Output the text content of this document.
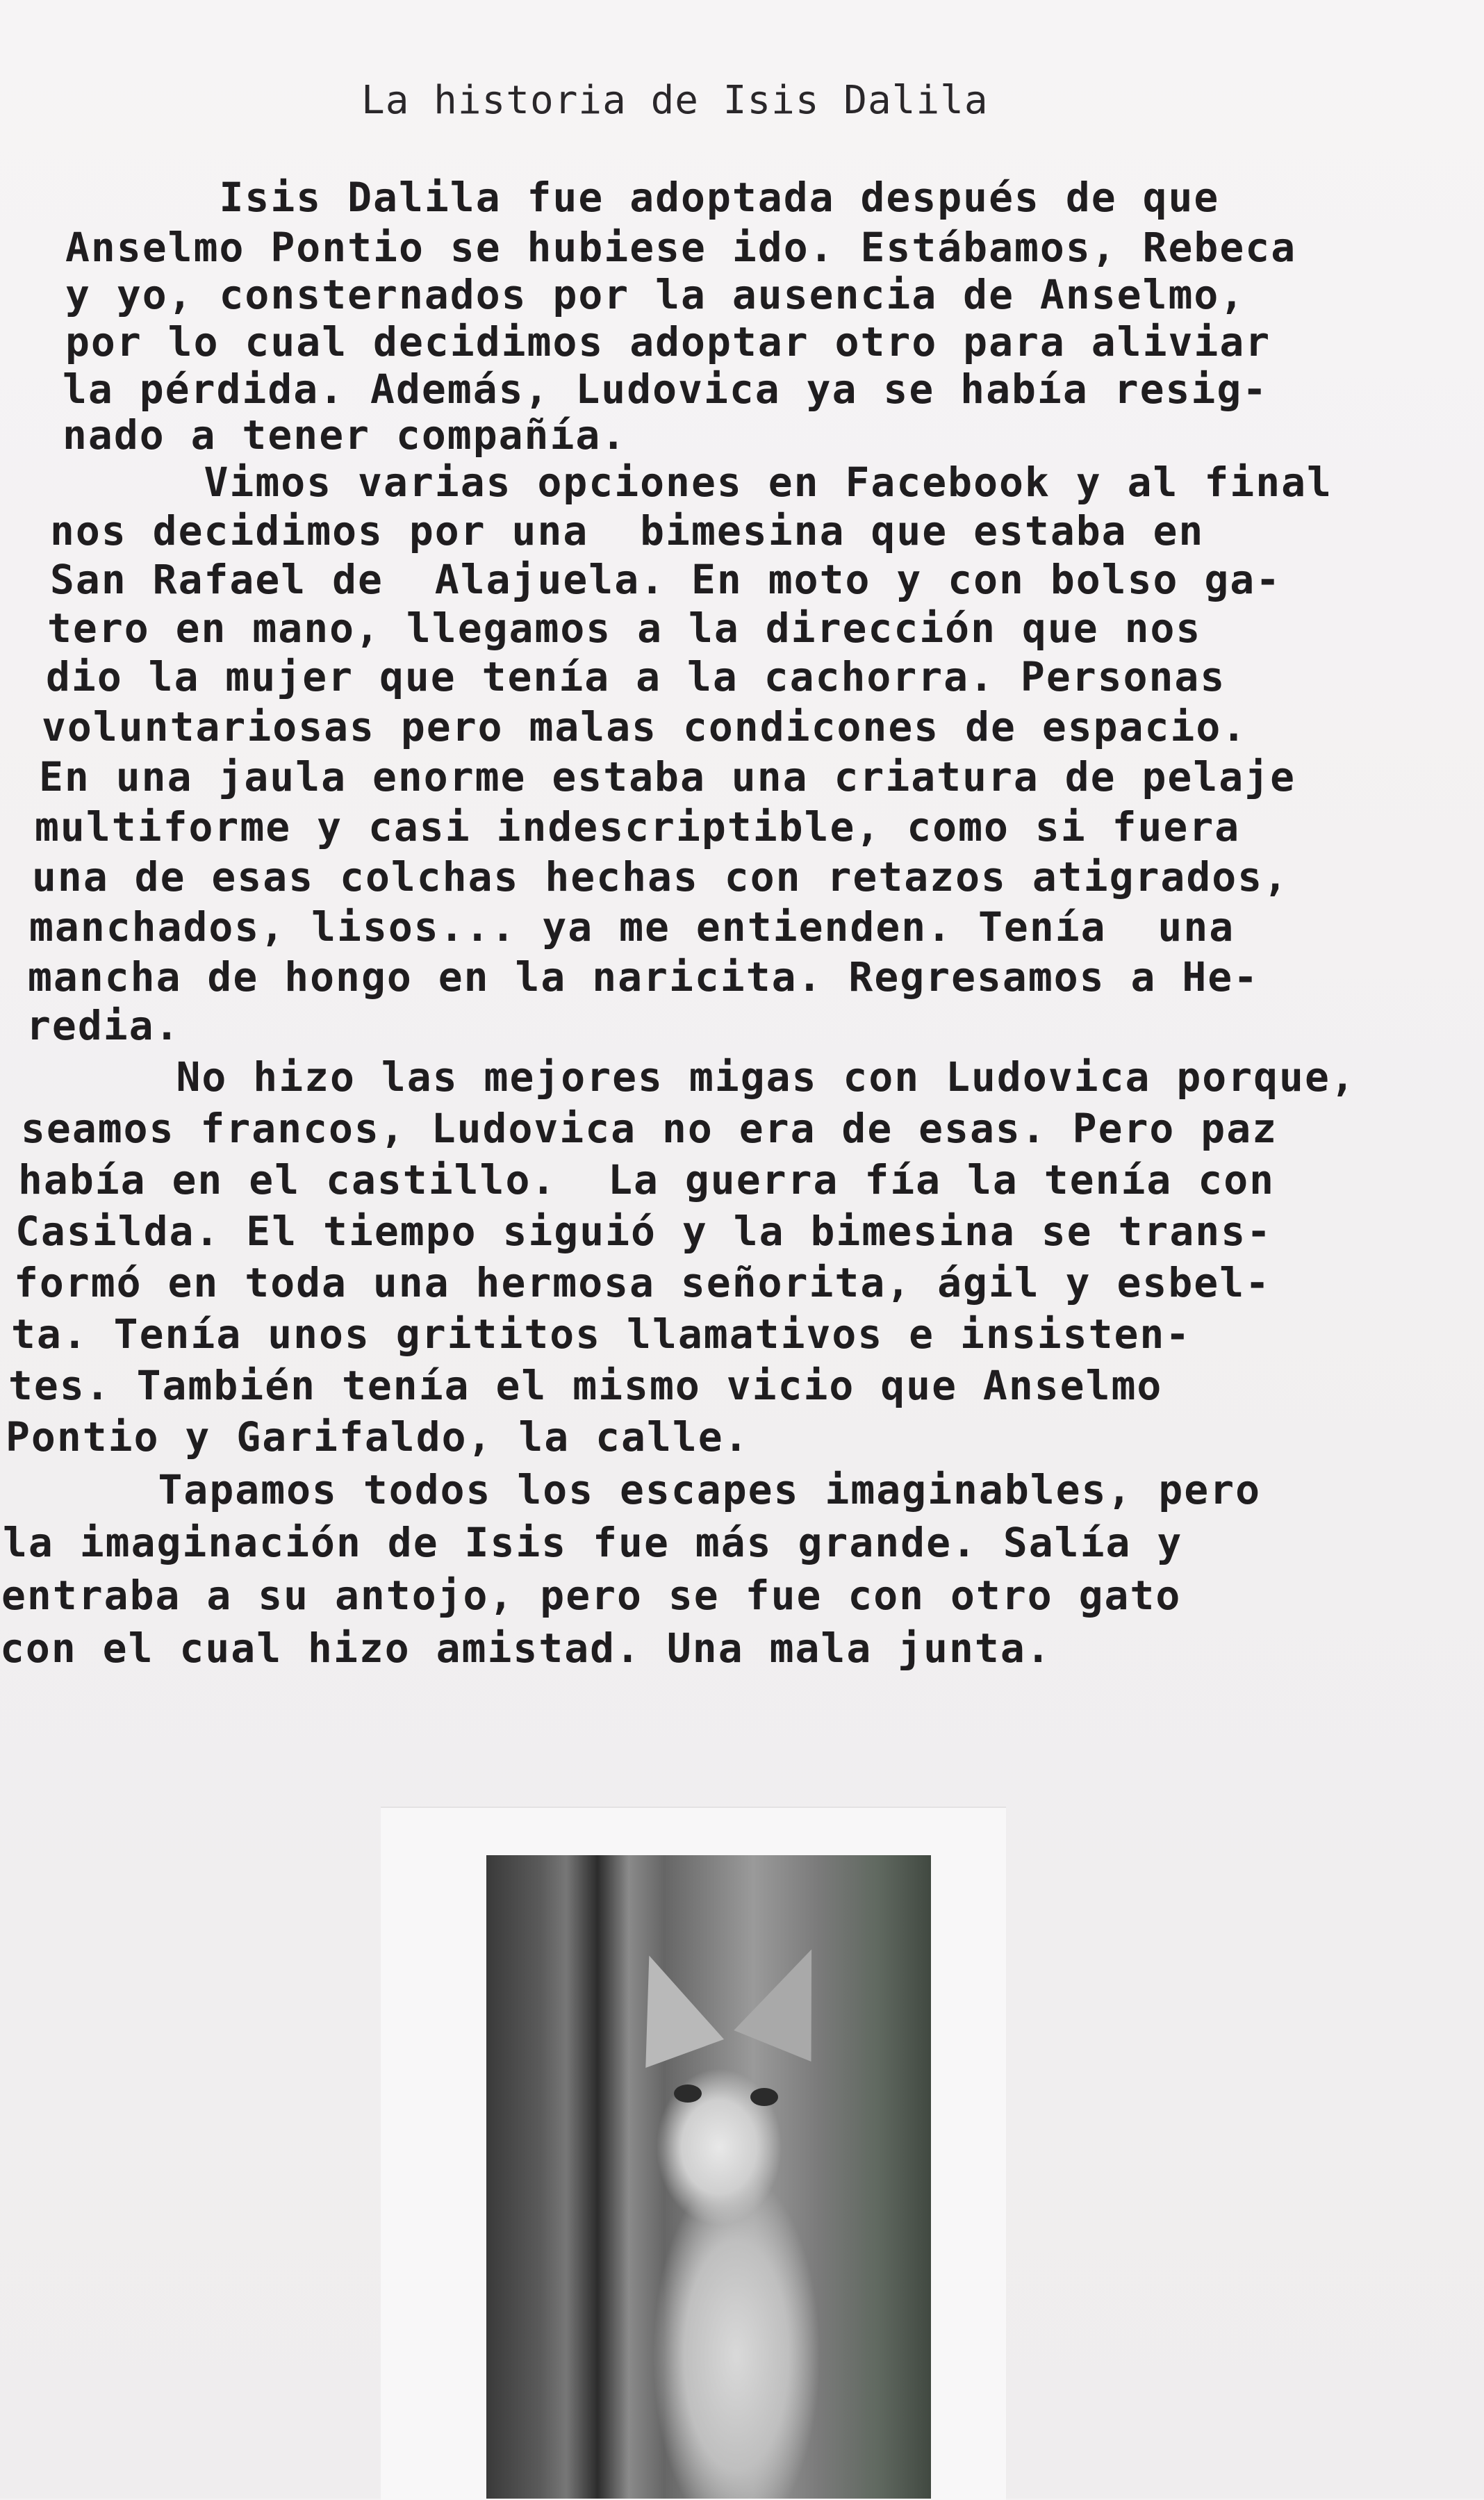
La historia de Isis Dalila
Isis Dalila fue adoptada después de que
Anselmo Pontio se hubiese ido. Estábamos, Rebeca
y yo, consternados por la ausencia de Anselmo,
por lo cual decidimos adoptar otro para aliviar
la pérdida. Además, Ludovica ya se había resig-
nado a tener compañía.
Vimos varias opciones en Facebook y al final
nos decidimos por una  bimesina que estaba en
San Rafael de  Alajuela. En moto y con bolso ga-
tero en mano, llegamos a la dirección que nos
dio la mujer que tenía a la cachorra. Personas
voluntariosas pero malas condicones de espacio.
En una jaula enorme estaba una criatura de pelaje
multiforme y casi indescriptible, como si fuera
una de esas colchas hechas con retazos atigrados,
manchados, lisos... ya me entienden. Tenía  una
mancha de hongo en la naricita. Regresamos a He-
redia.
No hizo las mejores migas con Ludovica porque,
seamos francos, Ludovica no era de esas. Pero paz
había en el castillo.  La guerra fía la tenía con
Casilda. El tiempo siguió y la bimesina se trans-
formó en toda una hermosa señorita, ágil y esbel-
ta. Tenía unos grititos llamativos e insisten-
tes. También tenía el mismo vicio que Anselmo
Pontio y Garifaldo, la calle.
Tapamos todos los escapes imaginables, pero
la imaginación de Isis fue más grande. Salía y
entraba a su antojo, pero se fue con otro gato
con el cual hizo amistad. Una mala junta.
